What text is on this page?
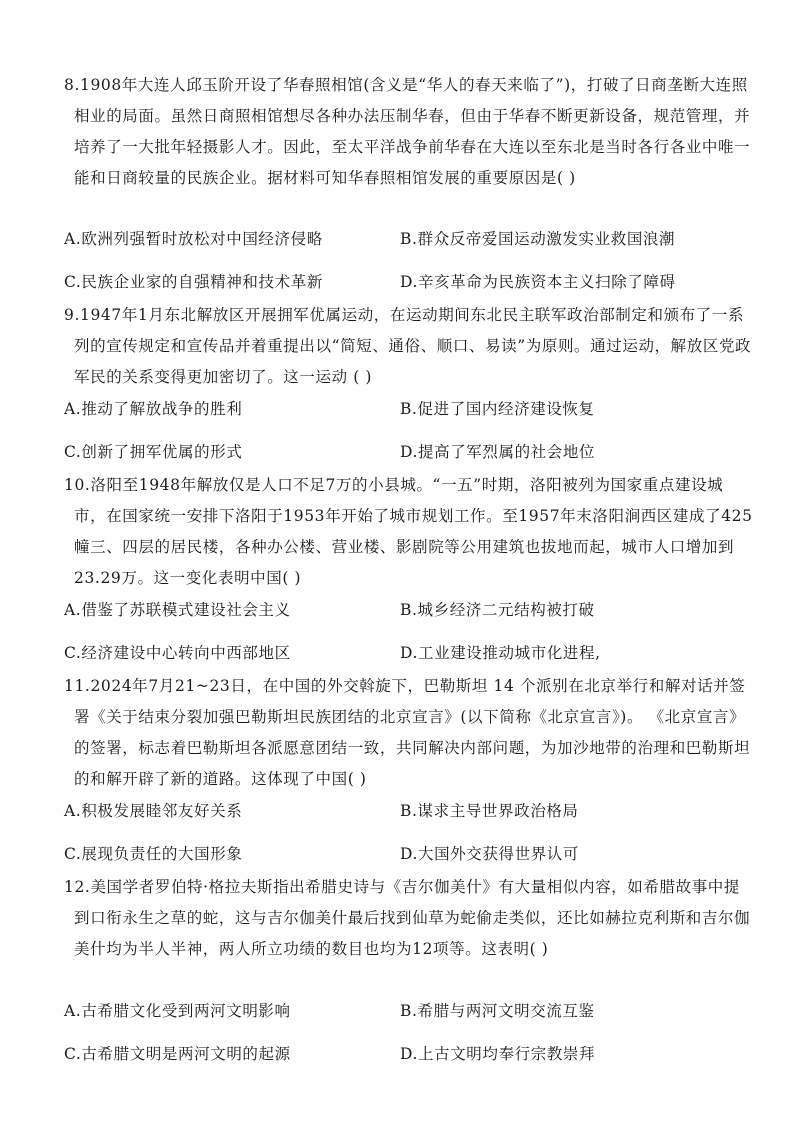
8.1908年大连人邱玉阶开设了华春照相馆(含义是“华人的春天来临了”)，打破了日商垄断大连照相业的局面。虽然日商照相馆想尽各种办法压制华春，但由于华春不断更新设备，规范管理，并培养了一大批年轻摄影人才。因此，至太平洋战争前华春在大连以至东北是当时各行各业中唯一能和日商较量的民族企业。据材料可知华春照相馆发展的重要原因是( )

A.欧洲列强暂时放松对中国经济侵略	B.群众反帝爱国运动激发实业救国浪潮
C.民族企业家的自强精神和技术革新	D.辛亥革命为民族资本主义扫除了障碍

9.1947年1月东北解放区开展拥军优属运动，在运动期间东北民主联军政治部制定和颁布了一系列的宣传规定和宣传品并着重提出以“简短、通俗、顺口、易读”为原则。通过运动，解放区党政军民的关系变得更加密切了。这一运动 ( )

A.推动了解放战争的胜利	B.促进了国内经济建设恢复
C.创新了拥军优属的形式	D.提高了军烈属的社会地位

10.洛阳至1948年解放仅是人口不足7万的小县城。“一五”时期，洛阳被列为国家重点建设城市，在国家统一安排下洛阳于1953年开始了城市规划工作。至1957年末洛阳涧西区建成了425幢三、四层的居民楼，各种办公楼、营业楼、影剧院等公用建筑也拔地而起，城市人口增加到23.29万。这一变化表明中国( )

A.借鉴了苏联模式建设社会主义	B.城乡经济二元结构被打破
C.经济建设中心转向中西部地区	D.工业建设推动城市化进程,

11.2024年7月21~23日，在中国的外交斡旋下，巴勒斯坦 14 个派别在北京举行和解对话并签署《关于结束分裂加强巴勒斯坦民族团结的北京宣言》(以下简称《北京宣言》)。 《北京宣言》的签署，标志着巴勒斯坦各派愿意团结一致，共同解决内部问题，为加沙地带的治理和巴勒斯坦的和解开辟了新的道路。这体现了中国( )

A.积极发展睦邻友好关系	B.谋求主导世界政治格局
C.展现负责任的大国形象	D.大国外交获得世界认可

12.美国学者罗伯特·格拉夫斯指出希腊史诗与《吉尔伽美什》有大量相似内容，如希腊故事中提到口衔永生之草的蛇，这与吉尔伽美什最后找到仙草为蛇偷走类似，还比如赫拉克利斯和吉尔伽美什均为半人半神，两人所立功绩的数目也均为12项等。这表明( )

A.古希腊文化受到两河文明影响	B.希腊与两河文明交流互鉴
C.古希腊文明是两河文明的起源	D.上古文明均奉行宗教崇拜
